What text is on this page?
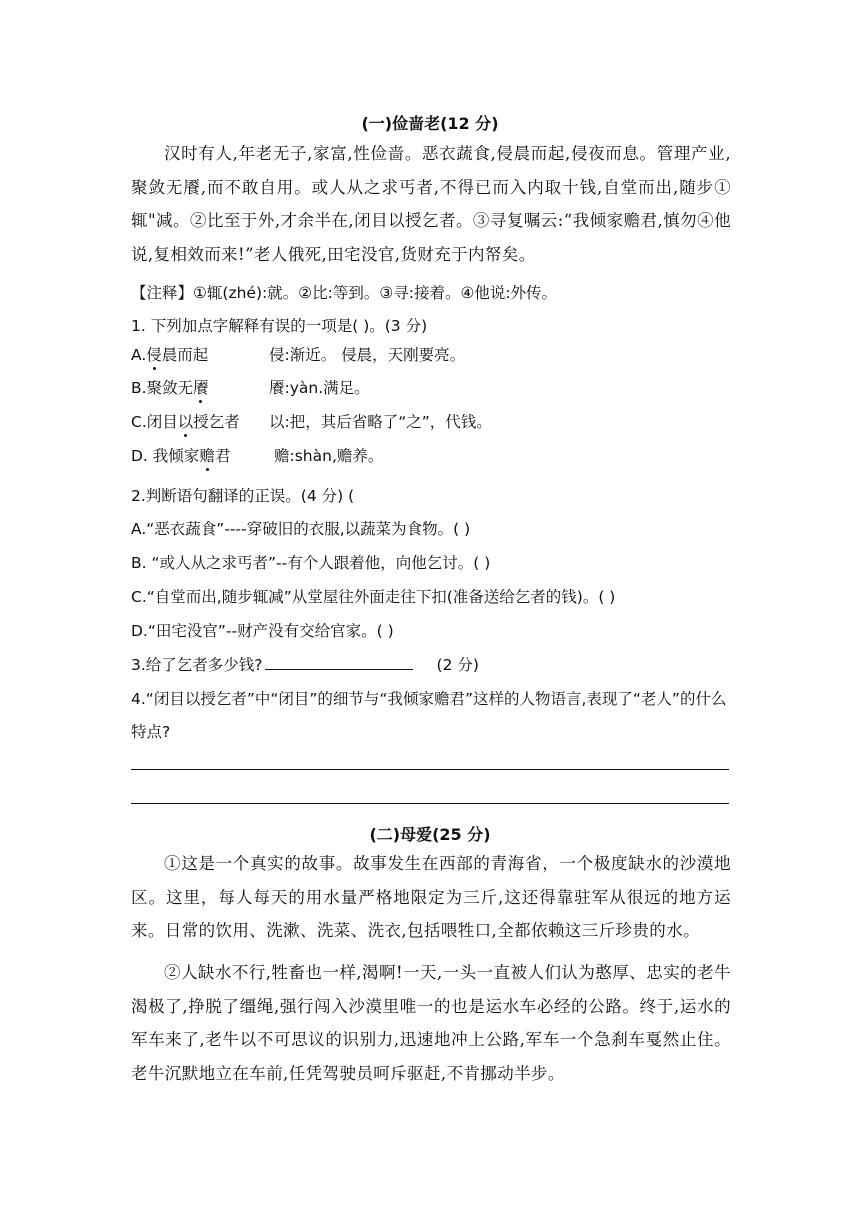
(一)俭啬老(12 分)

汉时有人,年老无子,家富,性俭啬。恶衣蔬食,侵晨而起,侵夜而息。管理产业,聚敛无餍,而不敢自用。或人从之求丐者,不得已而入内取十钱,自堂而出,随步①辄"减。②比至于外,才余半在,闭目以授乞者。③寻复嘱云:“我倾家赡君,慎勿④他说,复相效而来!”老人俄死,田宅没官,货财充于内帑矣。

【注释】①辄(zhé):就。②比:等到。③寻:接着。④他说:外传。
1. 下列加点字解释有误的一项是( )。(3 分)
A.侵晨而起	侵:渐近。 侵晨，天刚要亮。
B.聚敛无餍	餍:yàn.满足。
C.闭目以授乞者 以:把，其后省略了“之”，代钱。
D. 我倾家赡君	赡:shàn,赡养。
2.判断语句翻译的正误。(4 分) (
A.“恶衣蔬食”----穿破旧的衣服,以蔬菜为食物。( )
B. “或人从之求丐者”--有个人跟着他，向他乞讨。( )
C.“自堂而出,随步辄减”从堂屋往外面走往下扣(准备送给乞者的钱)。( )
D.“田宅没官”--财产没有交给官家。( )
3.给了乞者多少钱?	(2 分)

4.“闭目以授乞者”中“闭目”的细节与“我倾家赡君”这样的人物语言,表现了“老人”的什么特点?

(二)母爱(25 分)

①这是一个真实的故事。故事发生在西部的青海省，一个极度缺水的沙漠地区。这里，每人每天的用水量严格地限定为三斤,这还得靠驻军从很远的地方运来。日常的饮用、洗漱、洗菜、洗衣,包括喂牲口,全都依赖这三斤珍贵的水。

②人缺水不行,牲畜也一样,渴啊!一天,一头一直被人们认为憨厚、忠实的老牛渴极了,挣脱了缰绳,强行闯入沙漠里唯一的也是运水车必经的公路。终于,运水的军车来了,老牛以不可思议的识别力,迅速地冲上公路,军车一个急刹车戛然止住。老牛沉默地立在车前,任凭驾驶员呵斥驱赶,不肯挪动半步。
